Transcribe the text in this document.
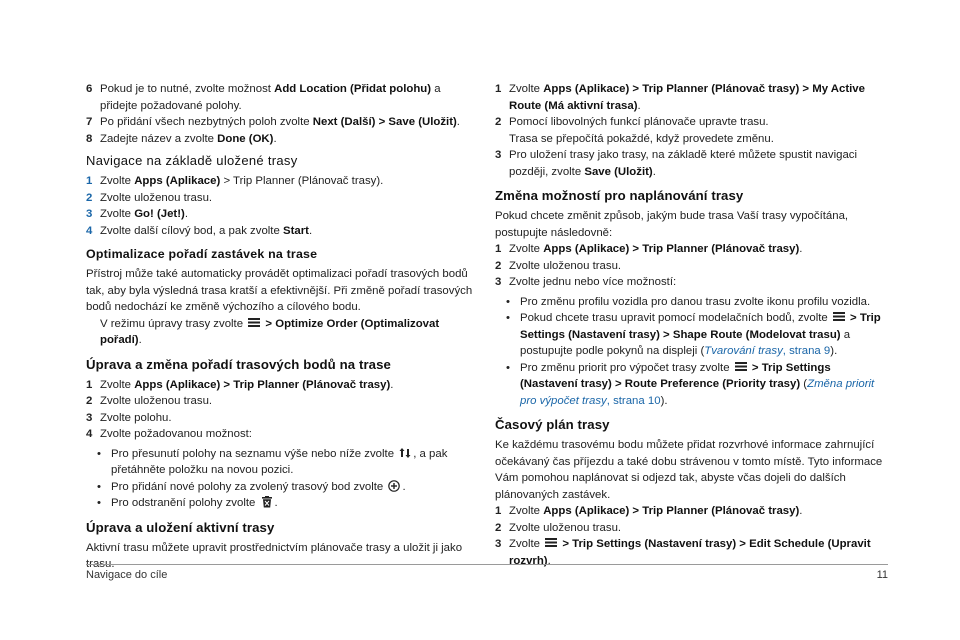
6 Pokud je to nutné, zvolte možnost Add Location (Přidat polohu) a přidejte požadované polohy.
7 Po přidání všech nezbytných poloh zvolte Next (Další) > Save (Uložit).
8 Zadejte název a zvolte Done (OK).
Navigace na základě uložené trasy
1 Zvolte Apps (Aplikace) > Trip Planner (Plánovač trasy).
2 Zvolte uloženou trasu.
3 Zvolte Go! (Jet!).
4 Zvolte další cílový bod, a pak zvolte Start.
Optimalizace pořadí zastávek na trase

Přístroj může také automaticky provádět optimalizaci pořadí trasových bodů tak, aby byla výsledná trasa kratší a efektivnější. Při změně pořadí trasových bodů nedochází ke změně výchozího a cílového bodu.

V režimu úpravy trasy zvolte
> Optimize Order (Optimalizovat pořadí).

Úprava a změna pořadí trasových bodů na trase
1 Zvolte Apps (Aplikace) > Trip Planner (Plánovač trasy).
2 Zvolte uloženou trasu.
3 Zvolte polohu.
4 Zvolte požadovanou možnost:
• Pro přesunutí polohy na seznamu výše nebo níže zvolte
, a pak přetáhněte položku na novou pozici.
• Pro přidání nové polohy za zvolený trasový bod zvolte
.
• Pro odstranění polohy zvolte
.
Úprava a uložení aktivní trasy

Aktivní trasu můžete upravit prostřednictvím plánovače trasy a uložit ji jako trasu.

1 Zvolte Apps (Aplikace) > Trip Planner (Plánovač trasy) > My Active Route (Má aktivní trasa).
2 Pomocí libovolných funkcí plánovače upravte trasu.
Trasa se přepočítá pokaždé, když provedete změnu.
3 Pro uložení trasy jako trasy, na základě které můžete spustit navigaci později, zvolte Save (Uložit).
Změna možností pro naplánování trasy

Pokud chcete změnit způsob, jakým bude trasa Vaší trasy vypočítána, postupujte následovně:

1 Zvolte Apps (Aplikace) > Trip Planner (Plánovač trasy).
2 Zvolte uloženou trasu.
3 Zvolte jednu nebo více možností:
• Pro změnu profilu vozidla pro danou trasu zvolte ikonu profilu vozidla.
• Pokud chcete trasu upravit pomocí modelačních bodů, zvolte
> Trip Settings (Nastavení trasy) > Shape Route (Modelovat trasu) a postupujte podle pokynů na displeji (Tvarování trasy, strana 9).
• Pro změnu priorit pro výpočet trasy zvolte
> Trip Settings (Nastavení trasy) > Route Preference (Priority trasy) (Změna priorit pro výpočet trasy, strana 10).
Časový plán trasy

Ke každému trasovému bodu můžete přidat rozvrhové informace zahrnující očekávaný čas příjezdu a také dobu strávenou v tomto místě. Tyto informace Vám pomohou naplánovat si odjezd tak, abyste včas dojeli do dalších plánovaných zastávek.

1 Zvolte Apps (Aplikace) > Trip Planner (Plánovač trasy).
2 Zvolte uloženou trasu.
3 Zvolte
> Trip Settings (Nastavení trasy) > Edit Schedule (Upravit rozvrh).
Navigace do cíle	11
